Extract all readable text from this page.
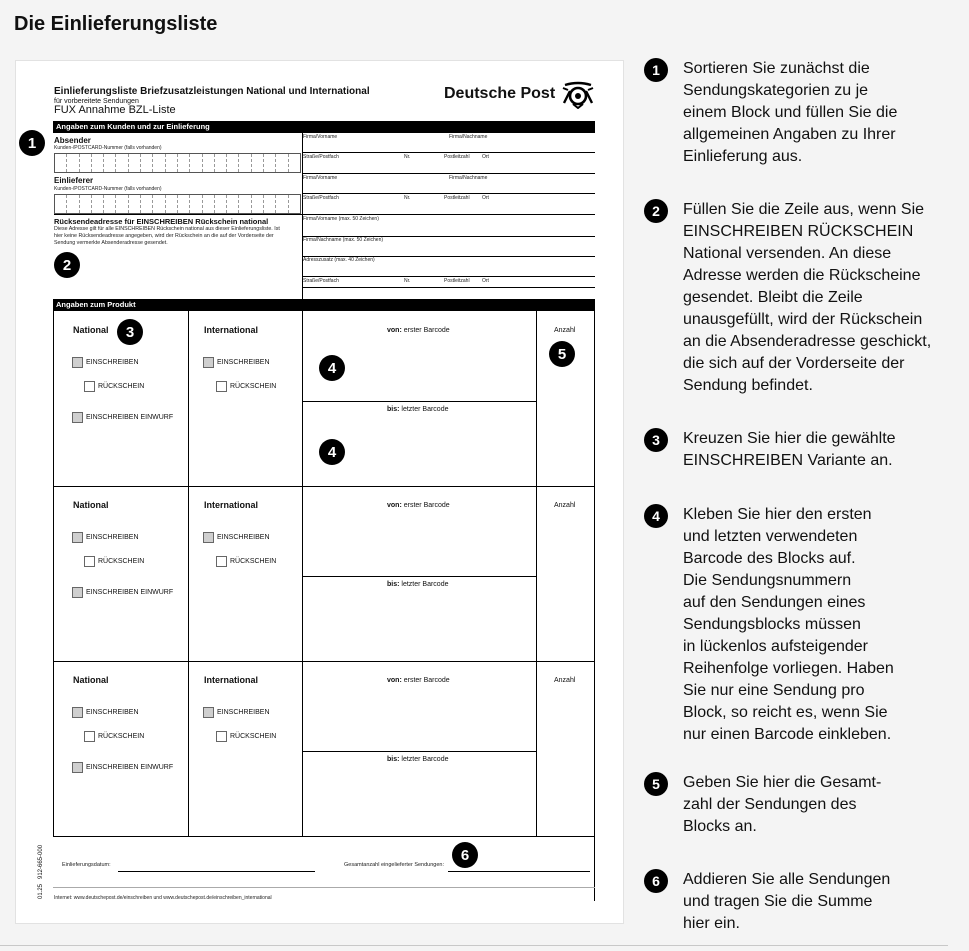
Die Einlieferungsliste
Einlieferungsliste Briefzusatzleistungen National und International
für vorbereitete Sendungen
FUX Annahme BZL-Liste
Deutsche Post
Angaben zum Kunden und zur Einlieferung
Absender
Kunden-/POSTCARD-Nummer (falls vorhanden)
Einlieferer
Kunden-/POSTCARD-Nummer (falls vorhanden)
Rücksendeadresse für EINSCHREIBEN Rückschein national
Diese Adresse gilt für alle EINSCHREIBEN Rückschein national aus dieser Einlieferungsliste. Ist hier keine Rücksendeadresse angegeben, wird der Rückschein an die auf der Vorderseite der Sendung vermerkte Absenderadresse gesendet.
Firma/Vorname	Firma/Nachname
Straße/Postfach	Nr.	Postleitzahl Ort
Firma/Vorname	Firma/Nachname
Straße/Postfach	Nr.	Postleitzahl Ort
Firma/Vorname (max. 50 Zeichen)
Firma/Nachname (max. 50 Zeichen)
Adresszusatz (max. 40 Zeichen)
Straße/Postfach	Nr.	Postleitzahl Ort
Angaben zum Produkt
National	International
EINSCHREIBEN
RÜCKSCHEIN
EINSCHREIBEN EINWURF
EINSCHREIBEN
RÜCKSCHEIN
von: erster Barcode
bis: letzter Barcode
Anzahl
National	International
EINSCHREIBEN
RÜCKSCHEIN
EINSCHREIBEN EINWURF
EINSCHREIBEN
RÜCKSCHEIN
von: erster Barcode
bis: letzter Barcode
Anzahl
National	International
EINSCHREIBEN
RÜCKSCHEIN
EINSCHREIBEN EINWURF
EINSCHREIBEN
RÜCKSCHEIN
von: erster Barcode
bis: letzter Barcode
Anzahl
Einlieferungsdatum:	Gesamtanzahl eingelieferter Sendungen:
Internet: www.deutschepost.de/einschreiben und www.deutschepost.de/einschreiben_international
912-665-000
01.25
1
2
3
4
4
5
6
1	Sortieren Sie zunächst die
Sendungskategorien zu je
einem Block und füllen Sie die
allgemeinen Angaben zu Ihrer
Einlieferung aus.
2	Füllen Sie die Zeile aus, wenn Sie
EINSCHREIBEN RÜCKSCHEIN
National versenden. An diese
Adresse werden die Rückscheine
gesendet. Bleibt die Zeile
unausgefüllt, wird der Rückschein
an die Absenderadresse geschickt,
die sich auf der Vorderseite der
Sendung befindet.
3	Kreuzen Sie hier die gewählte
EINSCHREIBEN Variante an.
4	Kleben Sie hier den ersten
und letzten verwendeten
Barcode des Blocks auf.
Die Sendungsnummern
auf den Sendungen eines
Sendungsblocks müssen
in lückenlos aufsteigender
Reihenfolge vorliegen. Haben
Sie nur eine Sendung pro
Block, so reicht es, wenn Sie
nur einen Barcode einkleben.
5	Geben Sie hier die Gesamt-
zahl der Sendungen des
Blocks an.
6	Addieren Sie alle Sendungen
und tragen Sie die Summe
hier ein.
